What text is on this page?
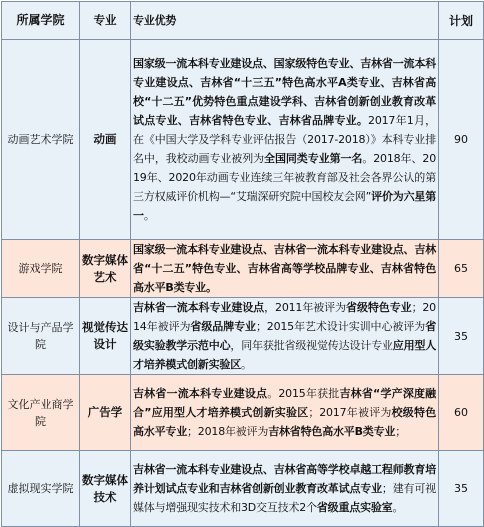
所属学院	专业	专业优势	计划
动画艺术学院	动画	国家级一流本科专业建设点、国家级特色专业、吉林省一流本科专业建设点、吉林省“十三五”特色高水平A类专业、吉林省高校“十二五”优势特色重点建设学科、吉林省创新创业教育改革试点专业、吉林省特色专业、吉林省品牌专业。2017年1月，在《中国大学及学科专业评估报告（2017-2018）》本科专业排名中，我校动画专业被列为全国同类专业第一名。2018年、2019年、2020年动画专业连续三年被教育部及社会各界公认的第三方权威评价机构—“艾瑞深研究院中国校友会网”评价为六星第一。	90
游戏学院	数字媒体艺术	国家级一流本科专业建设点、吉林省一流本科专业建设点、吉林省“十二五”特色专业、吉林省高等学校品牌专业、吉林省特色高水平B类专业。	65
设计与产品学院	视觉传达设计	吉林省一流本科专业建设点，2011年被评为省级特色专业；2014年被评为省级品牌专业；2015年艺术设计实训中心被评为省级实验教学示范中心，同年获批省级视觉传达设计专业应用型人才培养模式创新实验区。	35
文化产业商学院	广告学	吉林省一流本科专业建设点。2015年获批吉林省“学产深度融合”应用型人才培养模式创新实验区；2017年被评为校级特色高水平专业；2018年被评为吉林省特色高水平B类专业；	60
虚拟现实学院	数字媒体技术	吉林省一流本科专业建设点、吉林省高等学校卓越工程师教育培养计划试点专业和吉林省创新创业教育改革试点专业；建有可视媒体与增强现实技术和3D交互技术2个省级重点实验室。	35
